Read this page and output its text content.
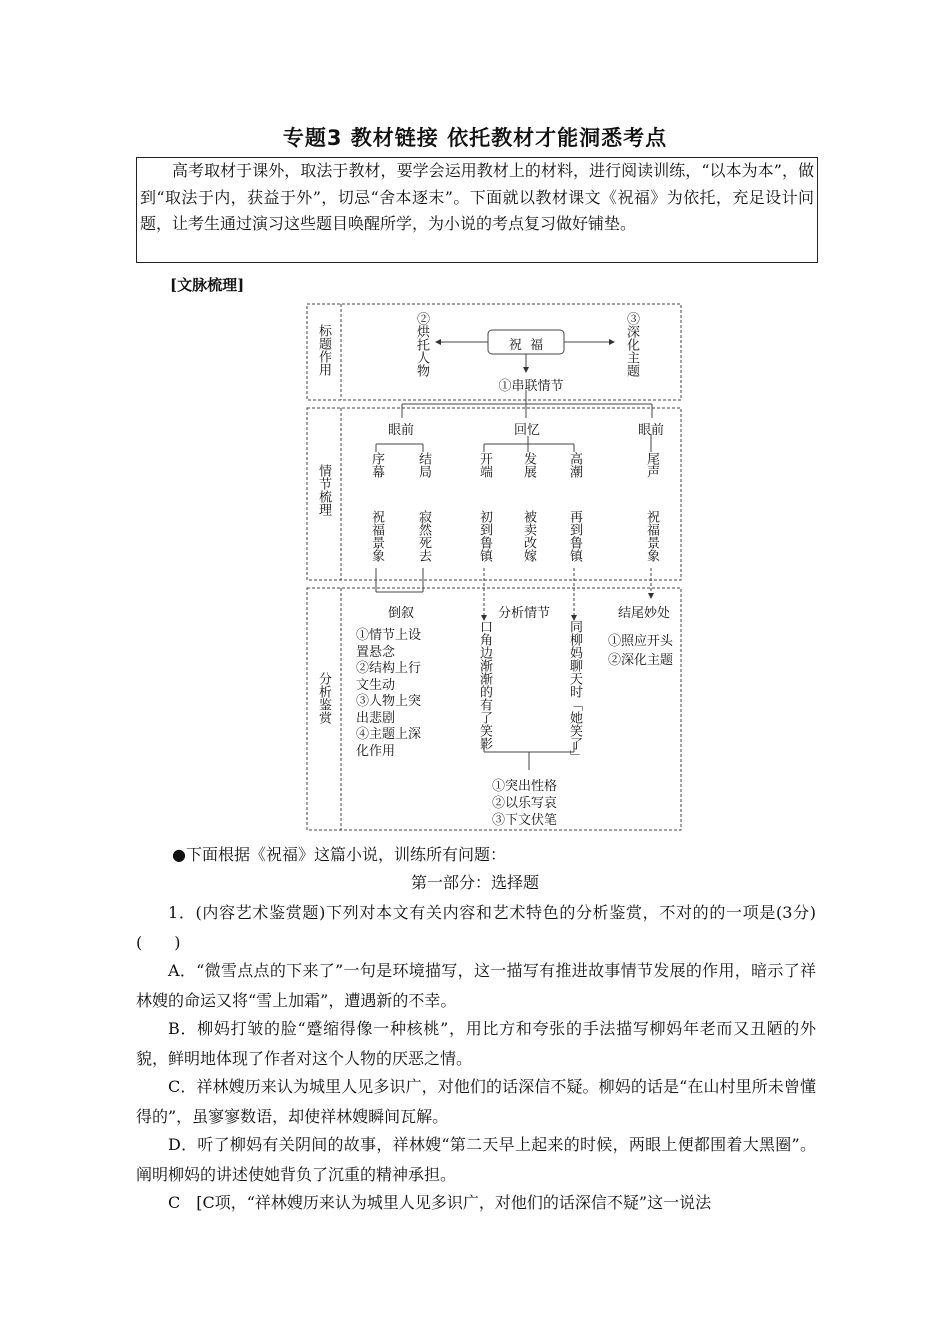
专题3 教材链接 依托教材才能洞悉考点

高考取材于课外，取法于教材，要学会运用教材上的材料，进行阅读训练，“以本为本”，做到“取法于内，获益于外”，切忌“舍本逐末”。下面就以教材课文《祝福》为依托，充足设计问题，让考生通过演习这些题目唤醒所学，为小说的考点复习做好铺垫。

[文脉梳理]
标题作用
情节梳理
分析鉴赏
祝  福
②烘托人物	③深化主题
①串联情节
眼前	回忆	眼前
序幕 结局	开端 发展 高潮	尾声
祝福景象 寂然死去	初到鲁镇 被卖改嫁 再到鲁镇	祝福景象
倒叙
①情节上设
置悬念
②结构上行
文生动
③人物上突
出悲剧
④主题上深
化作用
分析情节
口角边渐渐的有了笑影	同柳妈聊天时「她笑了」
结尾妙处
①照应开头
②深化主题
①突出性格
②以乐写哀
③下文伏笔
●下面根据《祝福》这篇小说，训练所有问题：
第一部分：选择题
1．(内容艺术鉴赏题)下列对本文有关内容和艺术特色的分析鉴赏，不对的的一项是(3分)(　　)
A．“微雪点点的下来了”一句是环境描写，这一描写有推进故事情节发展的作用，暗示了祥林嫂的命运又将“雪上加霜”，遭遇新的不幸。
B．柳妈打皱的脸“蹙缩得像一种核桃”，用比方和夸张的手法描写柳妈年老而又丑陋的外貌，鲜明地体现了作者对这个人物的厌恶之情。
C．祥林嫂历来认为城里人见多识广，对他们的话深信不疑。柳妈的话是“在山村里所未曾懂得的”，虽寥寥数语，却使祥林嫂瞬间瓦解。
D．听了柳妈有关阴间的故事，祥林嫂“第二天早上起来的时候，两眼上便都围着大黑圈”。阐明柳妈的讲述使她背负了沉重的精神承担。
C　[C项，“祥林嫂历来认为城里人见多识广，对他们的话深信不疑”这一说法
